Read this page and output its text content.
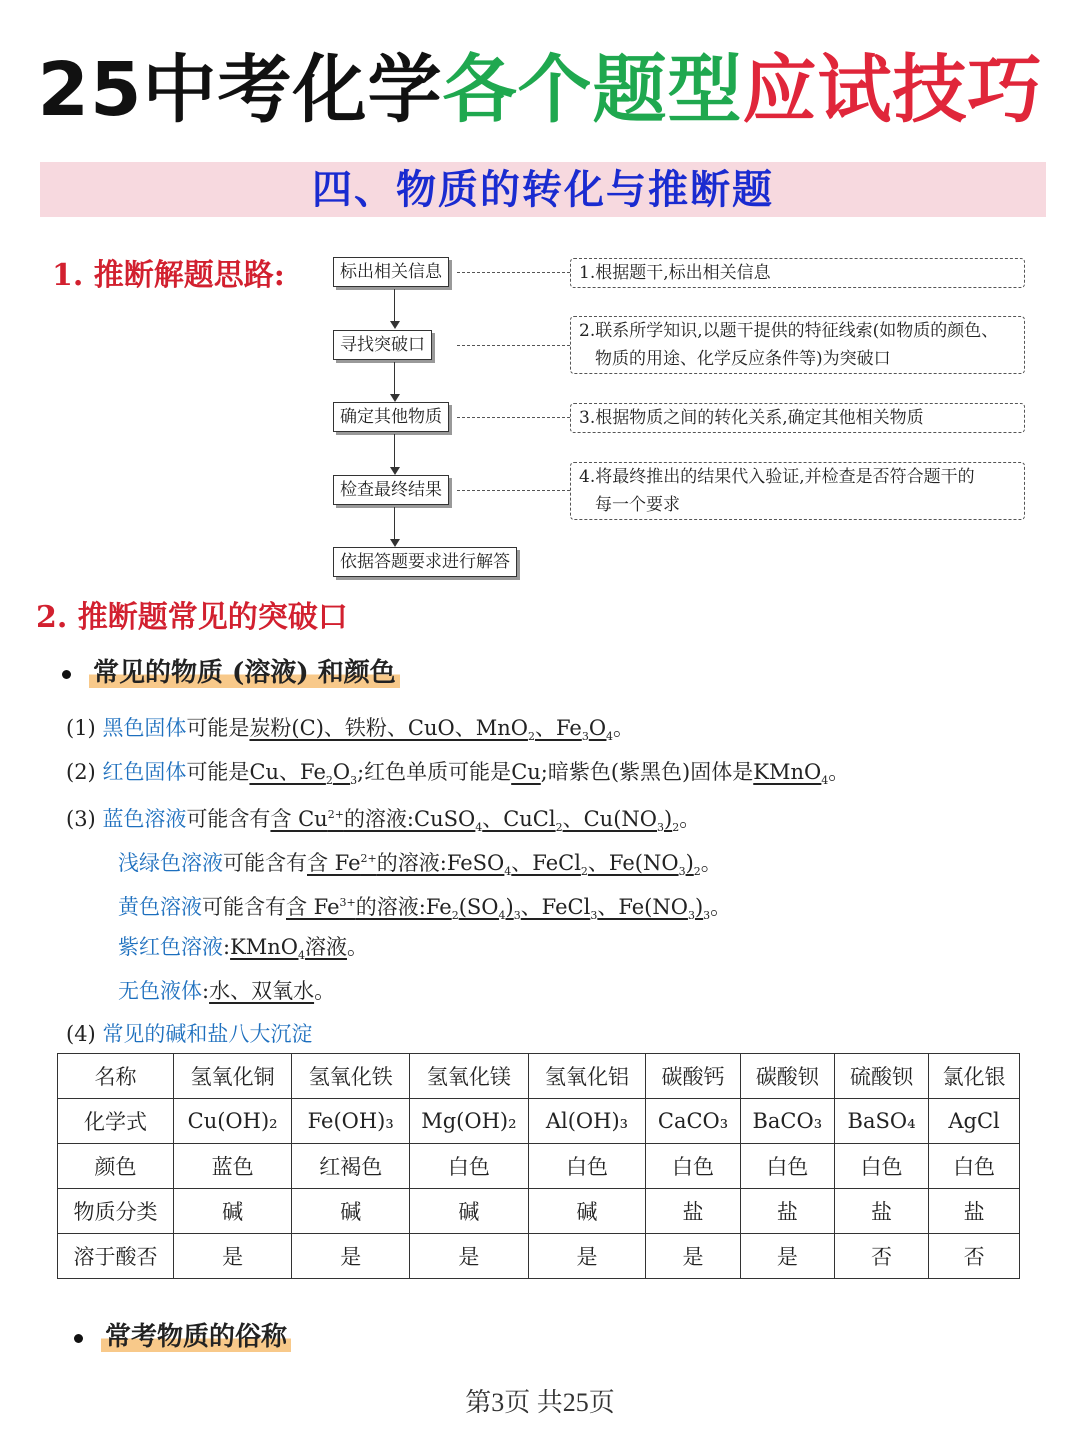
25中考化学各个题型应试技巧
四、物质的转化与推断题
1. 推断解题思路:	标出相关信息
寻找突破口
确定其他物质
检查最终结果
依据答题要求进行解答
1.根据题干,标出相关信息
2.联系所学知识,以题干提供的特征线索(如物质的颜色、
物质的用途、化学反应条件等)为突破口
3.根据物质之间的转化关系,确定其他相关物质
4.将最终推出的结果代入验证,并检查是否符合题干的
每一个要求
2. 推断题常见的突破口
常见的物质 (溶液) 和颜色
(1) 黑色固体可能是炭粉(C)、铁粉、CuO、MnO$_2$、$Fe_3O_4$。
(2) 红色固体可能是Cu、$Fe_2O_3$;红色单质可能是Cu;暗紫色(紫黑色)固体是KMnO$_4$。
(3) 蓝色溶液可能含有含 $Cu^{2+}$的溶液:CuSO$_4$、CuCl$_2$、$Cu(NO_3)_2$。
浅绿色溶液可能含有含 $Fe^{2+}$的溶液:FeSO$_4$、FeCl$_2$、$Fe(NO_3)_2$。
黄色溶液可能含有含 $Fe^{3+}$的溶液$:Fe_2(SO_4)_3$、FeCl$_3$、$Fe(NO_3)_3$。
紫红色溶液:KMnO$_4$溶液。
无色液体:水、双氧水。
(4) 常见的碱和盐八大沉淀
名称	氢氧化铜	氢氧化铁	氢氧化镁	氢氧化铝	碳酸钙	碳酸钡	硫酸钡	氯化银
化学式	Cu(OH)₂	Fe(OH)₃	Mg(OH)₂	Al(OH)₃	CaCO₃	BaCO₃	BaSO₄	AgCl
颜色	蓝色	红褐色	白色	白色	白色	白色	白色	白色
物质分类	碱	碱	碱	碱	盐	盐	盐	盐
溶于酸否	是	是	是	是	是	是	否	否
常考物质的俗称
第3页 共25页
